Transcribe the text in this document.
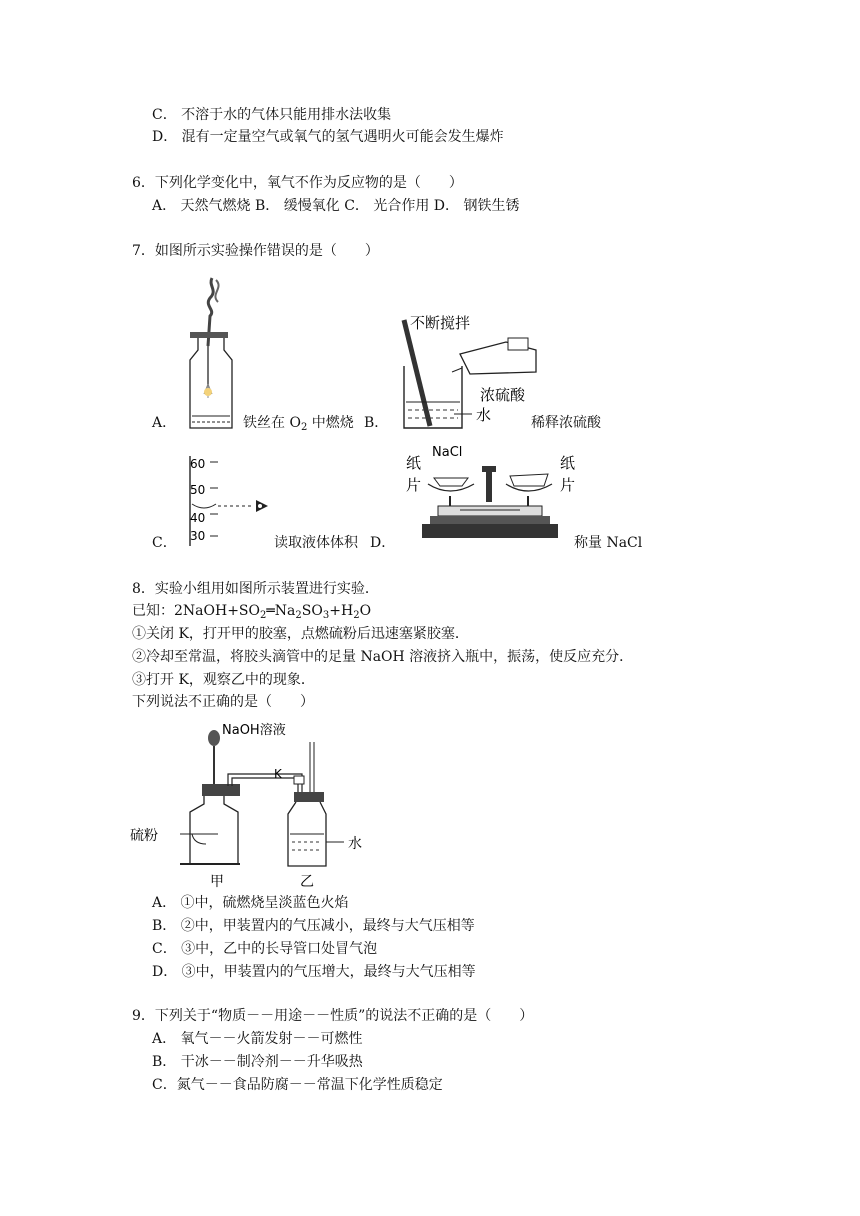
C． 不溶于水的气体只能用排水法收集
D． 混有一定量空气或氧气的氢气遇明火可能会发生爆炸
6．下列化学变化中，氧气不作为反应物的是（　　）
A． 天然气燃烧 B． 缓慢氧化 C． 光合作用 D． 钢铁生锈
7．如图所示实验操作错误的是（　　）
A．	铁丝在 $O_2$ 中燃烧 B．
不断搅拌
浓硫酸
水	稀释浓硫酸
60
50
40
30
C．	读取液体体积 D．
纸
片
NaCl
纸
片
称量 NaCl
8．实验小组用如图所示装置进行实验．
已知：$2NaOH+SO_2═Na_2SO_3+H_2O$
①关闭 K，打开甲的胶塞，点燃硫粉后迅速塞紧胶塞．
②冷却至常温，将胶头滴管中的足量 NaOH 溶液挤入瓶中，振荡，使反应充分．
③打开 K，观察乙中的现象．
下列说法不正确的是（　　）
NaOH溶液
硫粉
K
水
甲	乙
A． ①中，硫燃烧呈淡蓝色火焰
B． ②中，甲装置内的气压减小，最终与大气压相等
C． ③中，乙中的长导管口处冒气泡
D． ③中，甲装置内的气压增大，最终与大气压相等
9．下列关于“物质－－用途－－性质”的说法不正确的是（　　）
A． 氧气－－火箭发射－－可燃性
B． 干冰－－制冷剂－－升华吸热
C．氮气－－食品防腐－－常温下化学性质稳定
